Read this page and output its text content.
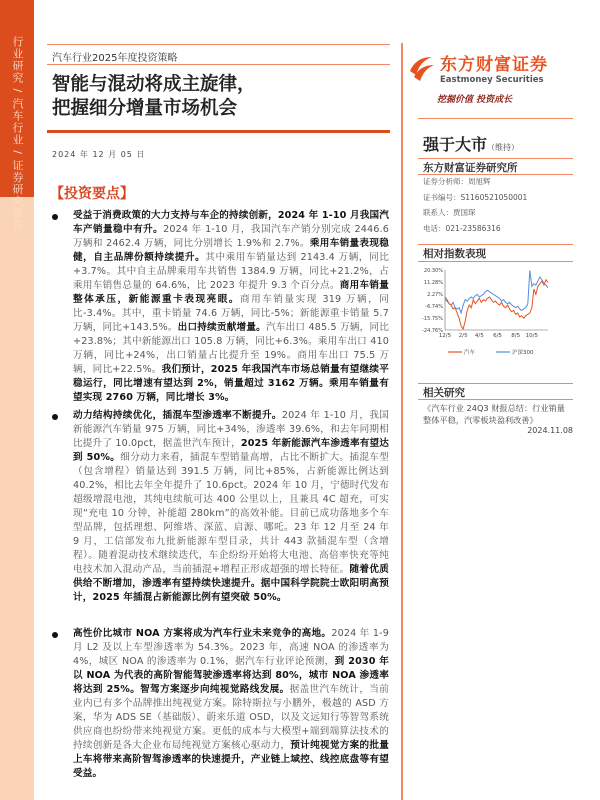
行业研究 / 汽车行业 / 证券研究报告	汽车行业2025年度投资策略
智能与混动将成主旋律，
把握细分增量市场机会
2024 年 12 月 05 日
【投资要点】
受益于消费政策的大力支持与车企的持续创新，2024 年 1-10 月我国汽车产销量稳中有升。2024 年 1-10 月，我国汽车产销分别完成 2446.6 万辆和 2462.4 万辆，同比分别增长 1.9%和 2.7%。乘用车销量表现稳健，自主品牌份额持续提升。其中乘用车销量达到 2143.4 万辆，同比+3.7%。其中自主品牌乘用车共销售 1384.9 万辆，同比+21.2%，占乘用车销售总量的 64.6%，比 2023 年提升 9.3 个百分点。商用车销量整体承压，新能源重卡表现亮眼。商用车销量实现 319 万辆，同比-3.4%。其中，重卡销量 74.6 万辆，同比-5%；新能源重卡销量 5.7 万辆，同比+143.5%。出口持续贡献增量。汽车出口 485.5 万辆，同比+23.8%；其中新能源出口 105.8 万辆，同比+6.3%。乘用车出口 410 万辆，同比+24%，出口销量占比提升至 19%。商用车出口 75.5 万辆，同比+22.5%。我们预计，2025 年我国汽车市场总销量有望继续平稳运行，同比增速有望达到 2%，销量超过 3162 万辆。乘用车销量有望实现 2760 万辆，同比增长 3%。
动力结构持续优化，插混车型渗透率不断提升。2024 年 1-10 月，我国新能源汽车销量 975 万辆，同比+34%，渗透率 39.6%，和去年同期相比提升了 10.0pct，据盖世汽车预计，2025 年新能源汽车渗透率有望达到 50%。细分动力来看，插混车型销量高增，占比不断扩大。插混车型（包含增程）销量达到 391.5 万辆，同比+85%，占新能源比例达到 40.2%，相比去年全年提升了 10.6pct。2024 年 10 月，宁德时代发布超级增混电池，其纯电续航可达 400 公里以上，且兼具 4C 超充，可实现“充电 10 分钟，补能超 280km”的高效补能。目前已成功落地多个车型品牌，包括理想、阿维塔、深蓝、启源、哪吒。23 年 12 月至 24 年 9 月，工信部发布九批新能源车型目录，共计 443 款插混车型（含增程）。随着混动技术继续迭代，车企纷纷开始将大电池、高倍率快充等纯电技术加入混动产品，当前插混+增程正形成超强的增长特征。随着优质供给不断增加，渗透率有望持续快速提升。据中国科学院院士欧阳明高预计，2025 年插混占新能源比例有望突破 50%。
高性价比城市 NOA 方案将成为汽车行业未来竞争的高地。2024 年 1-9 月 L2 及以上车型渗透率为 54.3%。2023 年，高速 NOA 的渗透率为 4%，城区 NOA 的渗透率为 0.1%，据汽车行业评论预测，到 2030 年以 NOA 为代表的高阶智能驾驶渗透率将达到 80%，城市 NOA 渗透率将达到 25%。智驾方案逐步向纯视觉路线发展。据盖世汽车统计，当前业内已有多个品牌推出纯视觉方案。除特斯拉与小鹏外，极越的 ASD 方案，华为 ADS SE（基础版）、蔚来乐道 OSD，以及文远知行等智驾系统供应商也纷纷带来纯视觉方案。更低的成本与大模型+端到端算法技术的持续创新是各大企业布局纯视觉方案核心驱动力，预计纯视觉方案的批量上车将带来高阶智驾渗透率的快速提升，产业链上域控、线控底盘等有望受益。
东方财富证券
Eastmoney Securities
挖掘价值 投资成长
强于大市（维持）
东方财富证券研究所
证券分析师：周旭辉
证书编号：S1160521050001
联系人：贾国琛
电话：021-23586316
相对指数表现
20.30%
11.28%
2.27%
-6.74%
-15.75%
-24.76%
12/5 2/5 4/5 6/5 8/5 10/5
汽车	沪深300
相关研究
《汽车行业 24Q3 财报总结：行业销量整体平稳，汽零板块盈利改善》
2024.11.08
